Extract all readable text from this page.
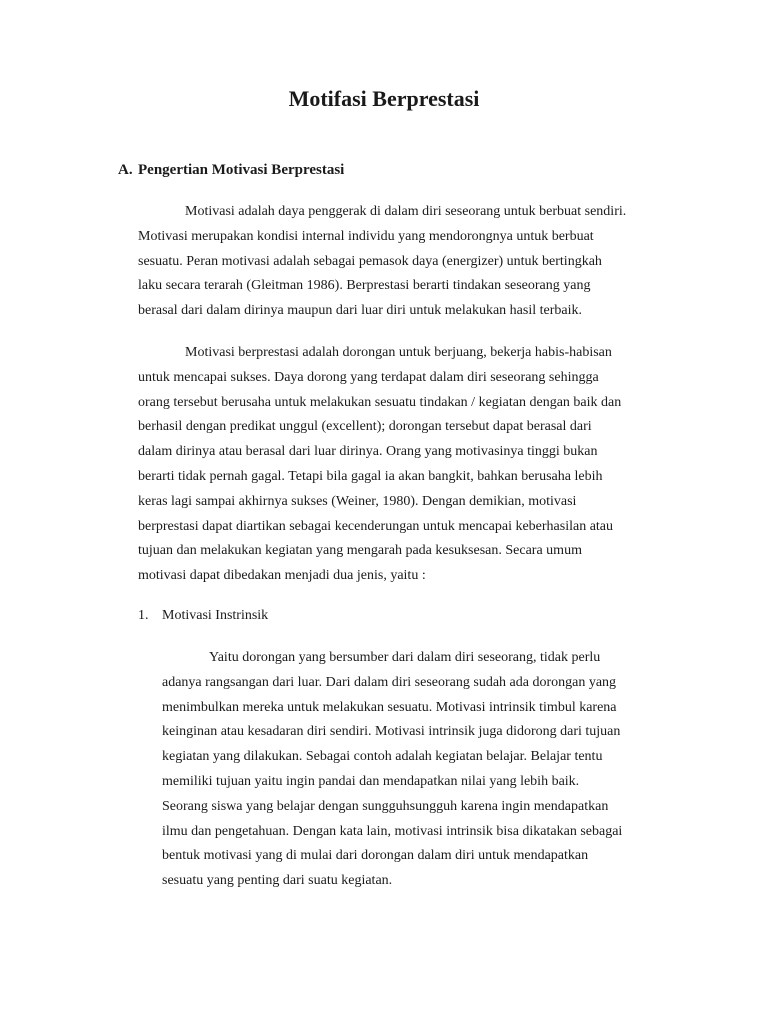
Motifasi Berprestasi
A. Pengertian Motivasi Berprestasi
Motivasi adalah daya penggerak di dalam diri seseorang untuk berbuat sendiri.
Motivasi merupakan kondisi internal individu yang mendorongnya untuk berbuat
sesuatu. Peran motivasi adalah sebagai pemasok daya (energizer) untuk bertingkah
laku secara terarah (Gleitman 1986). Berprestasi berarti tindakan seseorang yang
berasal dari dalam dirinya maupun dari luar diri untuk melakukan hasil terbaik.
Motivasi berprestasi adalah dorongan untuk berjuang, bekerja habis-habisan
untuk mencapai sukses. Daya dorong yang terdapat dalam diri seseorang sehingga
orang tersebut berusaha untuk melakukan sesuatu tindakan / kegiatan dengan baik dan
berhasil dengan predikat unggul (excellent); dorongan tersebut dapat berasal dari
dalam dirinya atau berasal dari luar dirinya. Orang yang motivasinya tinggi bukan
berarti tidak pernah gagal. Tetapi bila gagal ia akan bangkit, bahkan berusaha lebih
keras lagi sampai akhirnya sukses (Weiner, 1980). Dengan demikian, motivasi
berprestasi dapat diartikan sebagai kecenderungan untuk mencapai keberhasilan atau
tujuan dan melakukan kegiatan yang mengarah pada kesuksesan. Secara umum
motivasi dapat dibedakan menjadi dua jenis, yaitu :
1. Motivasi Instrinsik
Yaitu dorongan yang bersumber dari dalam diri seseorang, tidak perlu
adanya rangsangan dari luar. Dari dalam diri seseorang sudah ada dorongan yang
menimbulkan mereka untuk melakukan sesuatu. Motivasi intrinsik timbul karena
keinginan atau kesadaran diri sendiri. Motivasi intrinsik juga didorong dari tujuan
kegiatan yang dilakukan. Sebagai contoh adalah kegiatan belajar. Belajar tentu
memiliki tujuan yaitu ingin pandai dan mendapatkan nilai yang lebih baik.
Seorang siswa yang belajar dengan sungguhsungguh karena ingin mendapatkan
ilmu dan pengetahuan. Dengan kata lain, motivasi intrinsik bisa dikatakan sebagai
bentuk motivasi yang di mulai dari dorongan dalam diri untuk mendapatkan
sesuatu yang penting dari suatu kegiatan.
